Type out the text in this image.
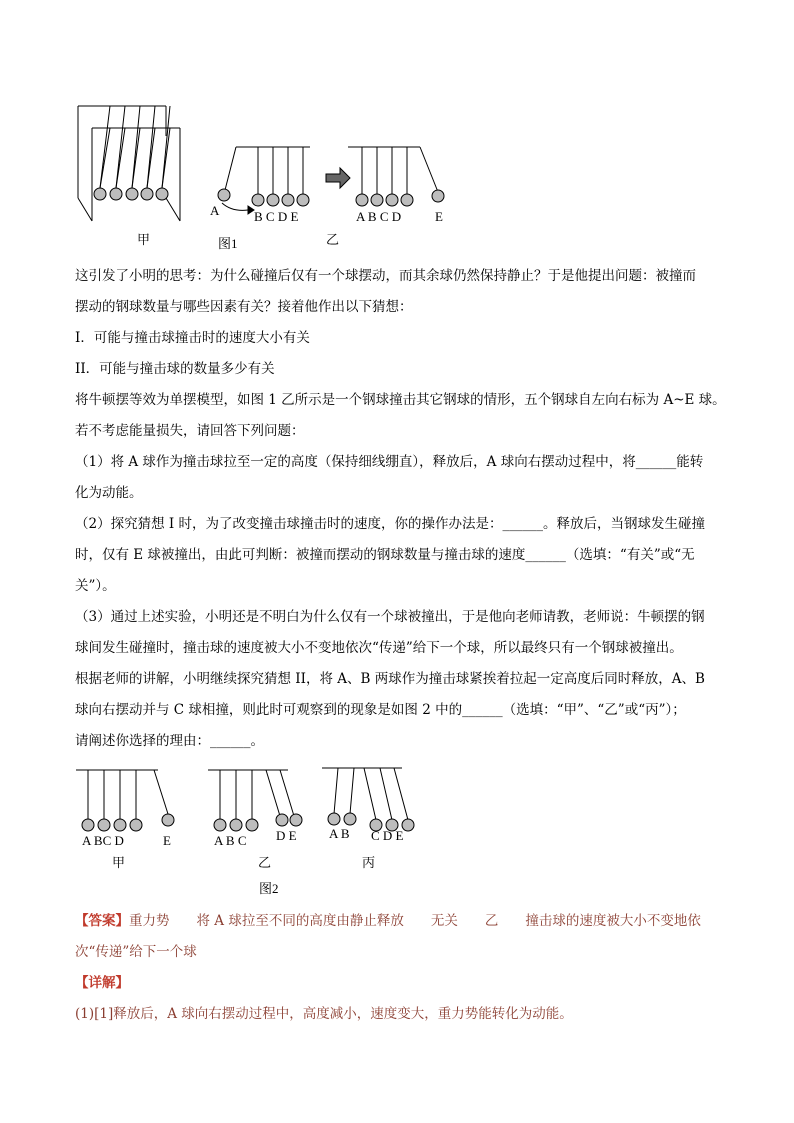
甲
A	B C D E
图1
A B C D	E
乙
这引发了小明的思考：为什么碰撞后仅有一个球摆动，而其余球仍然保持静止？于是他提出问题：被撞而
摆动的钢球数量与哪些因素有关？接着他作出以下猜想：
I．可能与撞击球撞击时的速度大小有关
II．可能与撞击球的数量多少有关
将牛顿摆等效为单摆模型，如图 1 乙所示是一个钢球撞击其它钢球的情形，五个钢球自左向右标为 A~E 球。
若不考虑能量损失，请回答下列问题：
（1）将 A 球作为撞击球拉至一定的高度（保持细线绷直），释放后，A 球向右摆动过程中，将______能转
化为动能。
（2）探究猜想 I 时，为了改变撞击球撞击时的速度，你的操作办法是：______。释放后，当钢球发生碰撞
时，仅有 E 球被撞出，由此可判断：被撞而摆动的钢球数量与撞击球的速度______（选填：“有关”或“无
关”）。
（3）通过上述实验，小明还是不明白为什么仅有一个球被撞出，于是他向老师请教，老师说：牛顿摆的钢
球间发生碰撞时，撞击球的速度被大小不变地依次“传递”给下一个球，所以最终只有一个钢球被撞出。
根据老师的讲解，小明继续探究猜想 II，将 A、B 两球作为撞击球紧挨着拉起一定高度后同时释放，A、B
球向右摆动并与 C 球相撞，则此时可观察到的现象是如图 2 中的______（选填：“甲”、“乙”或“丙”）；
请阐述你选择的理由：______。
A BC D	E
甲
A B C D E
乙
图2
A B C D E
丙
【答案】重力势　　将 A 球拉至不同的高度由静止释放　　无关　　乙　　撞击球的速度被大小不变地依
次“传递”给下一个球
【详解】
(1)[1]释放后，A 球向右摆动过程中，高度减小，速度变大，重力势能转化为动能。
